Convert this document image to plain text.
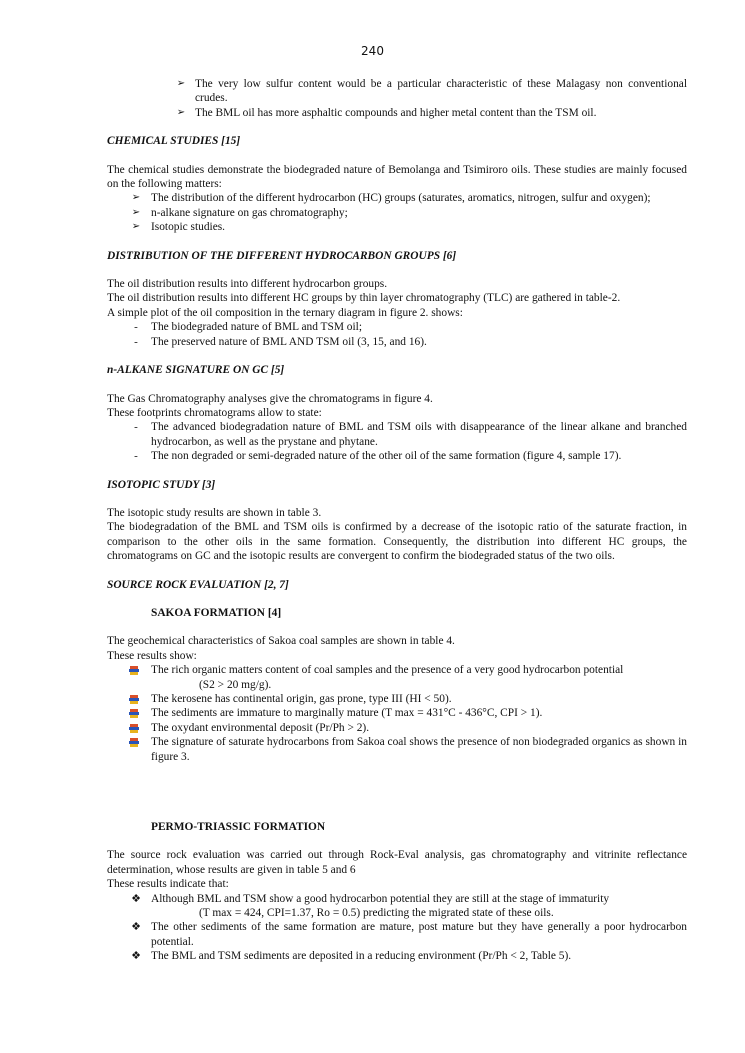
240
➢ The very low sulfur content would be a particular characteristic of these Malagasy non conventional crudes.
➢ The BML oil has more asphaltic compounds and higher metal content than the TSM oil.

CHEMICAL STUDIES [15]

The chemical studies demonstrate the biodegraded nature of Bemolanga and Tsimiroro oils. These studies are mainly focused on the following matters:

➢ The distribution of the different hydrocarbon (HC) groups (saturates, aromatics, nitrogen, sulfur and oxygen);
➢ n-alkane signature on gas chromatography;
➢ Isotopic studies.

DISTRIBUTION OF THE DIFFERENT HYDROCARBON GROUPS [6]

The oil distribution results into different hydrocarbon groups.

The oil distribution results into different HC groups by thin layer chromatography (TLC) are gathered in table-2.

A simple plot of the oil composition in the ternary diagram in figure 2. shows:

-	The biodegraded nature of BML and TSM oil;
-	The preserved nature of BML AND TSM oil (3, 15, and 16).

n-ALKANE SIGNATURE ON GC [5]

The Gas Chromatography analyses give the chromatograms in figure 4.

These footprints chromatograms allow to state:

-	The advanced biodegradation nature of BML and TSM oils with disappearance of the linear alkane and branched hydrocarbon, as well as the prystane and phytane.
-	The non degraded or semi-degraded nature of the other oil of the same formation (figure 4, sample 17).

ISOTOPIC STUDY [3]

The isotopic study results are shown in table 3.

The biodegradation of the BML and TSM oils is confirmed by a decrease of the isotopic ratio of the saturate fraction, in comparison to the other oils in the same formation. Consequently, the distribution into different HC groups, the chromatograms on GC and the isotopic results are convergent to confirm the biodegraded status of the two oils.

SOURCE ROCK EVALUATION [2, 7]

SAKOA FORMATION [4]

The geochemical characteristics of Sakoa coal samples are shown in table 4.

These results show:

The rich organic matters content of coal samples and the presence of a very good hydrocarbon potential
(S2 > 20 mg/g).
The kerosene has continental origin, gas prone, type III (HI < 50).
The sediments are immature to marginally mature (T max = 431°C - 436°C, CPI > 1).
The oxydant environmental deposit (Pr/Ph > 2).
The signature of saturate hydrocarbons from Sakoa coal shows the presence of non biodegraded organics as shown in figure 3.

PERMO-TRIASSIC FORMATION

The source rock evaluation was carried out through Rock-Eval analysis, gas chromatography and vitrinite reflectance determination, whose results are given in table 5 and 6

These results indicate that:

❖ Although BML and TSM show a good hydrocarbon potential they are still at the stage of immaturity
(T max = 424, CPI=1.37, Ro = 0.5) predicting the migrated state of these oils.
❖ The other sediments of the same formation are mature, post mature but they have generally a poor hydrocarbon potential.
❖ The BML and TSM sediments are deposited in a reducing environment (Pr/Ph < 2, Table 5).
